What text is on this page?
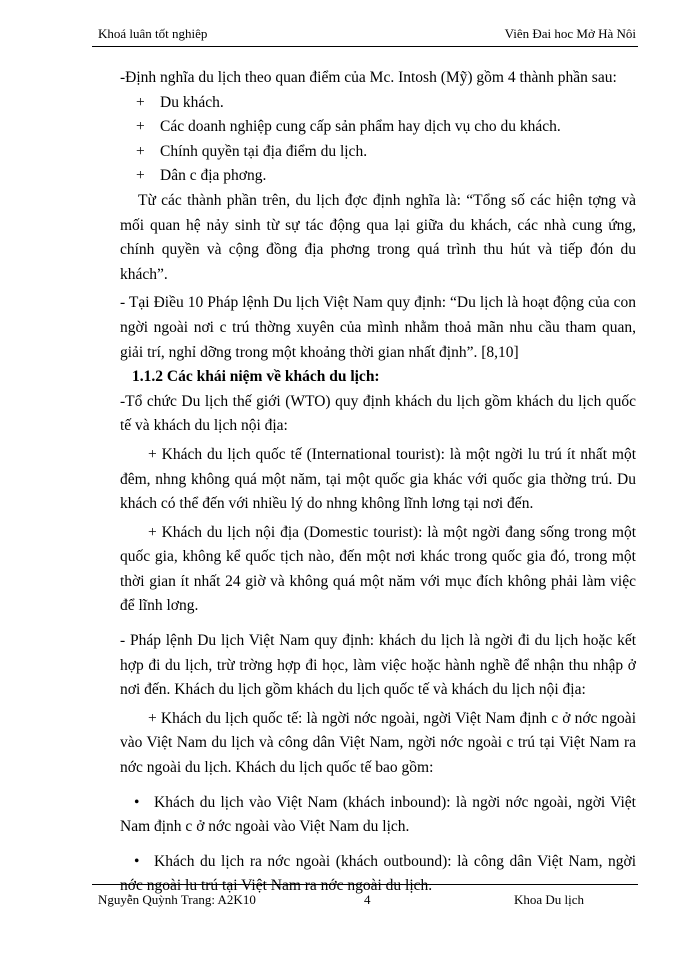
Khoá luân tốt nghiêp	Viên Đai hoc Mở Hà Nôi

-Định nghĩa du lịch theo quan điểm của Mc. Intosh (Mỹ) gồm 4 thành phần sau:

+ Du khách.
+ Các doanh nghiệp cung cấp sản phẩm hay dịch vụ cho du khách.
+ Chính quyền tại địa điểm du lịch.
+ Dân c địa phơng.

Từ các thành phần trên, du lịch đợc định nghĩa là: “Tổng số các hiện tợng và mối quan hệ nảy sinh từ sự tác động qua lại giữa du khách, các nhà cung ứng, chính quyền và cộng đồng địa phơng trong quá trình thu hút và tiếp đón du khách”.

- Tại Điều 10 Pháp lệnh Du lịch Việt Nam quy định: “Du lịch là hoạt động của con ngời ngoài nơi c trú thờng xuyên của mình nhằm thoả mãn nhu cầu tham quan, giải trí, nghỉ dỡng trong một khoảng thời gian nhất định”. [8,10]

1.1.2 Các khái niệm về khách du lịch:

-Tổ chức Du lịch thế giới (WTO) quy định khách du lịch gồm khách du lịch quốc tế và khách du lịch nội địa:

+ Khách du lịch quốc tế (International tourist): là một ngời lu trú ít nhất một đêm, nhng không quá một năm, tại một quốc gia khác với quốc gia thờng trú. Du khách có thể đến với nhiều lý do nhng không lĩnh lơng tại nơi đến.

+ Khách du lịch nội địa (Domestic tourist): là một ngời đang sống trong một quốc gia, không kể quốc tịch nào, đến một nơi khác trong quốc gia đó, trong một thời gian ít nhất 24 giờ và không quá một năm với mục đích không phải làm việc để lĩnh lơng.

- Pháp lệnh Du lịch Việt Nam quy định: khách du lịch là ngời đi du lịch hoặc kết hợp đi du lịch, trừ trờng hợp đi học, làm việc hoặc hành nghề để nhận thu nhập ở nơi đến. Khách du lịch gồm khách du lịch quốc tế và khách du lịch nội địa:

+ Khách du lịch quốc tế: là ngời nớc ngoài, ngời Việt Nam định c ở nớc ngoài vào Việt Nam du lịch và công dân Việt Nam, ngời nớc ngoài c trú tại Việt Nam ra nớc ngoài du lịch. Khách du lịch quốc tế bao gồm:

• Khách du lịch vào Việt Nam (khách inbound): là ngời nớc ngoài, ngời Việt Nam định c ở nớc ngoài vào Việt Nam du lịch.

• Khách du lịch ra nớc ngoài (khách outbound): là công dân Việt Nam, ngời nớc ngoài lu trú tại Việt Nam ra nớc ngoài du lịch.

Nguyễn Quỳnh Trang: A2K10	4	Khoa Du lịch
